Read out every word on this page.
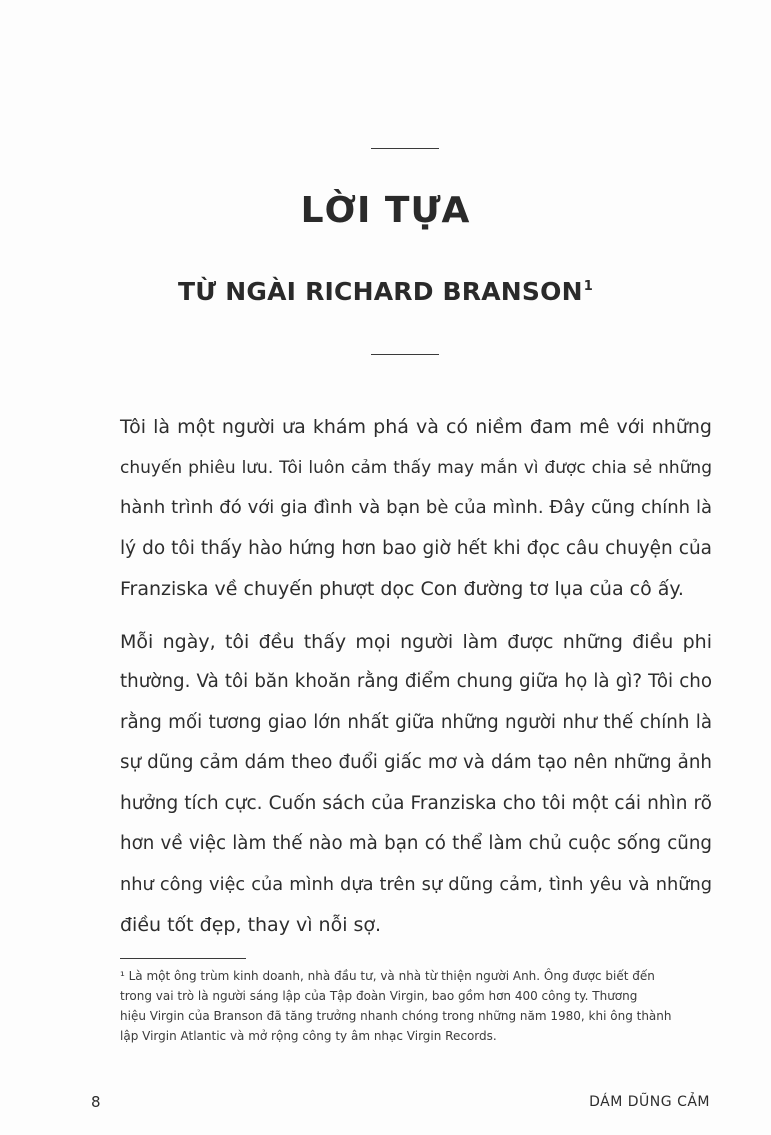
LỜI TỰA
TỪ NGÀI RICHARD BRANSON$^1$

Tôi là một người ưa khám phá và có niềm đam mê với những
chuyến phiêu lưu. Tôi luôn cảm thấy may mắn vì được chia sẻ những
hành trình đó với gia đình và bạn bè của mình. Đây cũng chính là
lý do tôi thấy hào hứng hơn bao giờ hết khi đọc câu chuyện của
Franziska về chuyến phượt dọc Con đường tơ lụa của cô ấy.

Mỗi ngày, tôi đều thấy mọi người làm được những điều phi
thường. Và tôi băn khoăn rằng điểm chung giữa họ là gì? Tôi cho
rằng mối tương giao lớn nhất giữa những người như thế chính là
sự dũng cảm dám theo đuổi giấc mơ và dám tạo nên những ảnh
hưởng tích cực. Cuốn sách của Franziska cho tôi một cái nhìn rõ
hơn về việc làm thế nào mà bạn có thể làm chủ cuộc sống cũng
như công việc của mình dựa trên sự dũng cảm, tình yêu và những
điều tốt đẹp, thay vì nỗi sợ.

¹ Là một ông trùm kinh doanh, nhà đầu tư, và nhà từ thiện người Anh. Ông được biết đến
trong vai trò là người sáng lập của Tập đoàn Virgin, bao gồm hơn 400 công ty. Thương
hiệu Virgin của Branson đã tăng trưởng nhanh chóng trong những năm 1980, khi ông thành
lập Virgin Atlantic và mở rộng công ty âm nhạc Virgin Records.
8	DÁM DŨNG CẢM
